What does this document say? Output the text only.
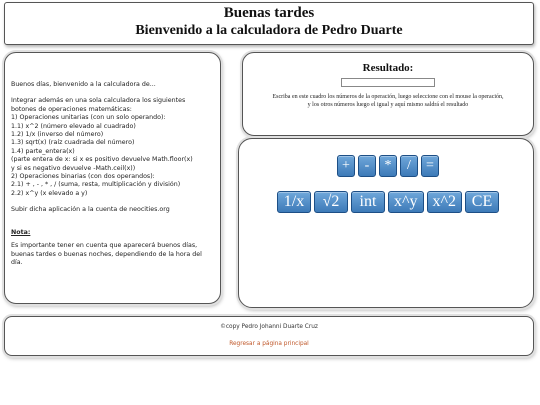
Buenas tardes
Bienvenido a la calculadora de Pedro Duarte

Buenos días, bienvenido a la calculadora de...

Integrar además en una sola calculadora los siguientes
botones de operaciones matemáticas:
1) Operaciones unitarias (con un solo operando):
1.1) x^2 (número elevado al cuadrado)
1.2) 1/x (inverso del número)
1.3) sqrt(x) (raíz cuadrada del número)
1.4) parte_entera(x)
(parte entera de x: si x es positivo devuelve Math.floor(x)
y si es negativo devuelve -Math.ceil(x))
2) Operaciones binarias (con dos operandos):
2.1) + , - , * , / (suma, resta, multiplicación y división)
2.2) x^y (x elevado a y)

Subir dicha aplicación a la cuenta de neocities.org

Nota:

Es importante tener en cuenta que aparecerá buenos días,
buenas tardes o buenas noches, dependiendo de la hora del día.

Resultado:
Escriba en este cuadro los números de la operación, luego seleccione con el mouse la operación,
y los otros números luego el igual y aquí mismo saldrá el resultado
+	-	*	/	=
1/x	√2	int	x^y x^2 CE
©copy Pedro Johanni Duarte Cruz
Regresar a página principal
